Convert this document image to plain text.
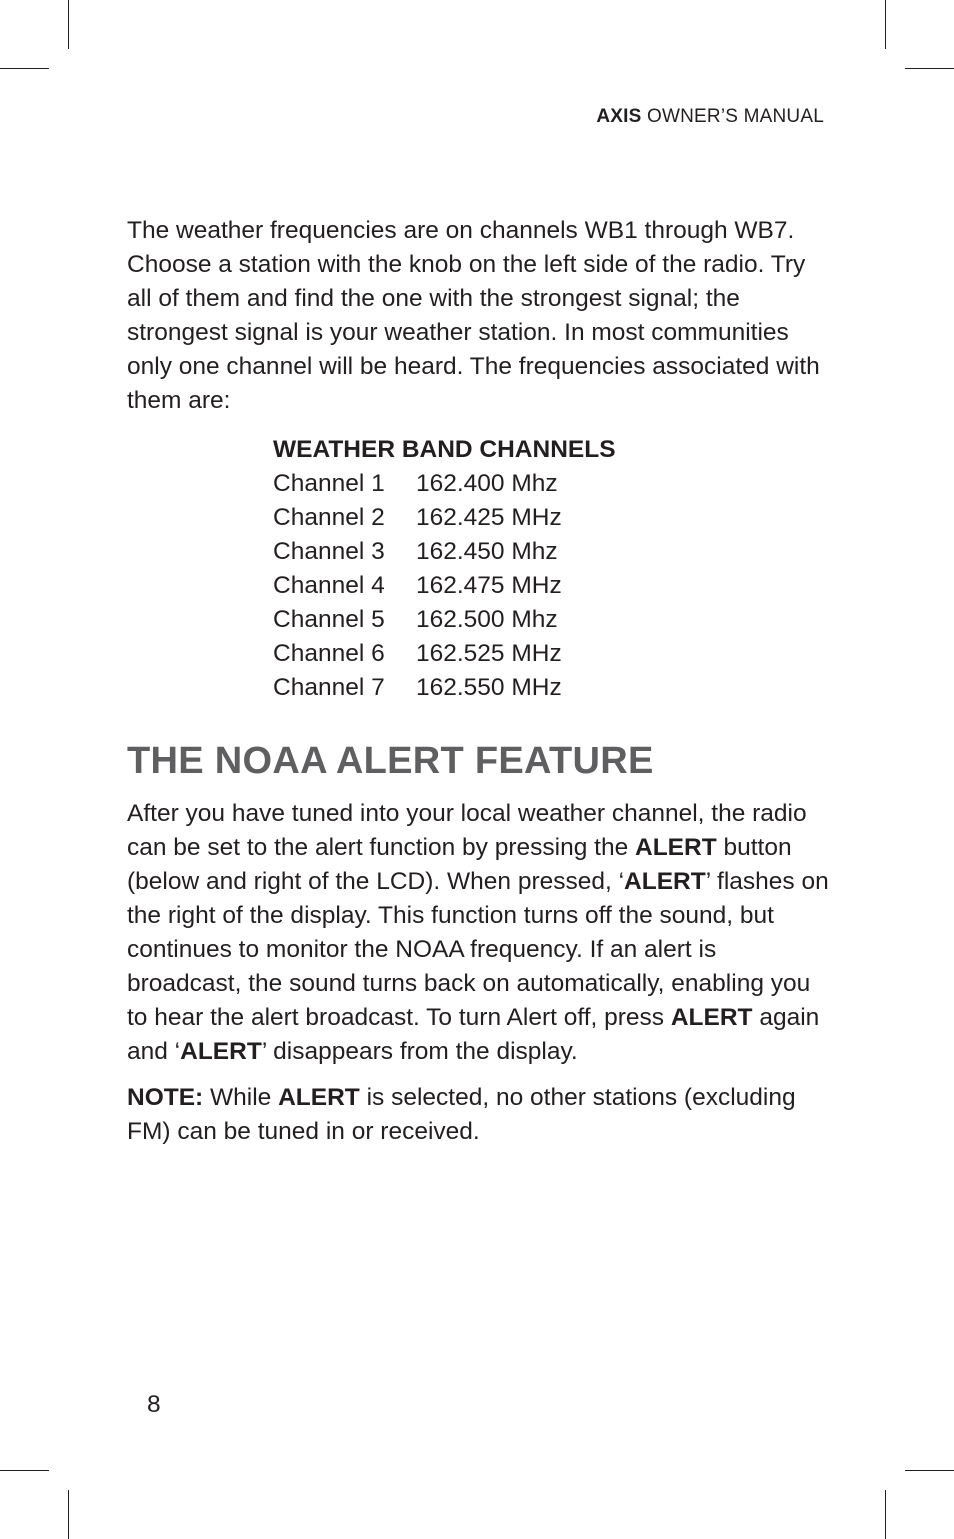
AXIS OWNER’S MANUAL

The weather frequencies are on channels WB1 through WB7. Choose a station with the knob on the left side of the radio. Try all of them and find the one with the strongest signal; the strongest signal is your weather station. In most communities only one channel will be heard. The frequencies associated with them are:

WEATHER BAND CHANNELS
Channel 1	162.400 Mhz
Channel 2	162.425 MHz
Channel 3	162.450 Mhz
Channel 4	162.475 MHz
Channel 5	162.500 Mhz
Channel 6	162.525 MHz
Channel 7	162.550 MHz
THE NOAA ALERT FEATURE

After you have tuned into your local weather channel, the radio can be set to the alert function by pressing the ALERT button (below and right of the LCD). When pressed, ‘ALERT’ flashes on the right of the display. This function turns off the sound, but continues to monitor the NOAA frequency. If an alert is broadcast, the sound turns back on automatically, enabling you to hear the alert broadcast. To turn Alert off, press ALERT again and ‘ALERT’ disappears from the display.

NOTE: While ALERT is selected, no other stations (excluding FM) can be tuned in or received.

8
